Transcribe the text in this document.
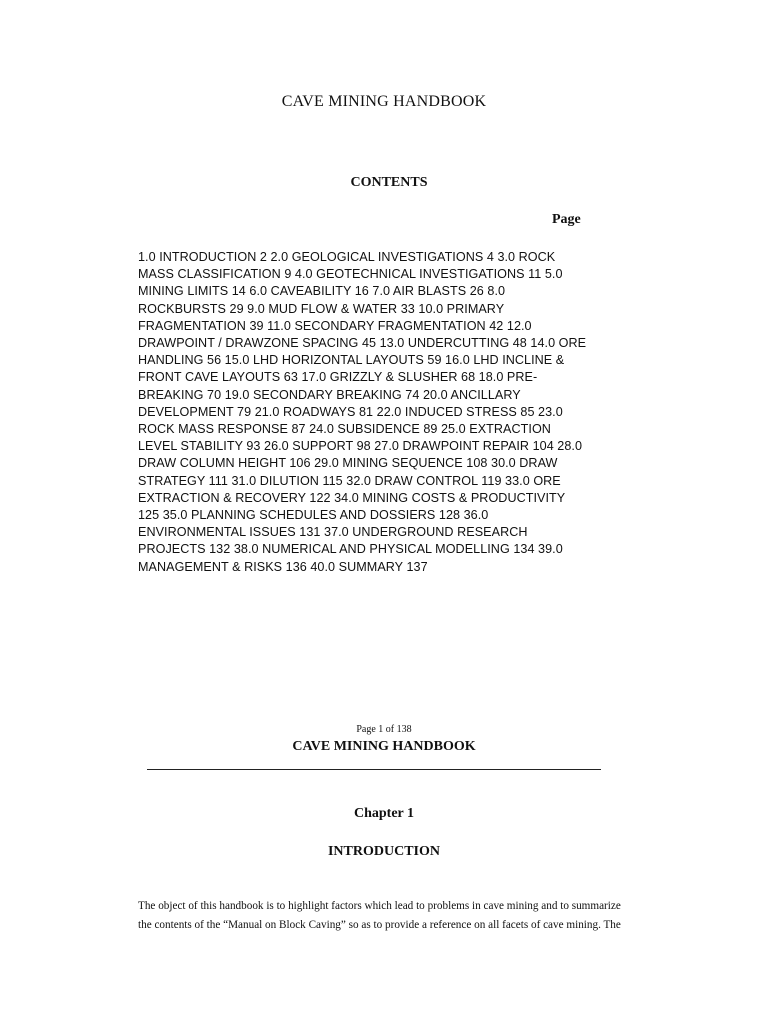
CAVE MINING HANDBOOK
CONTENTS
Page
1.0 INTRODUCTION 2 2.0 GEOLOGICAL INVESTIGATIONS 4 3.0 ROCK MASS CLASSIFICATION 9 4.0 GEOTECHNICAL INVESTIGATIONS 11 5.0 MINING LIMITS 14 6.0 CAVEABILITY 16 7.0 AIR BLASTS 26 8.0 ROCKBURSTS 29 9.0 MUD FLOW & WATER 33 10.0 PRIMARY FRAGMENTATION 39 11.0 SECONDARY FRAGMENTATION 42 12.0 DRAWPOINT / DRAWZONE SPACING 45 13.0 UNDERCUTTING 48 14.0 ORE HANDLING 56 15.0 LHD HORIZONTAL LAYOUTS 59 16.0 LHD INCLINE & FRONT CAVE LAYOUTS 63 17.0 GRIZZLY & SLUSHER 68 18.0 PRE-BREAKING 70 19.0 SECONDARY BREAKING 74 20.0 ANCILLARY DEVELOPMENT 79 21.0 ROADWAYS 81 22.0 INDUCED STRESS 85 23.0 ROCK MASS RESPONSE 87 24.0 SUBSIDENCE 89 25.0 EXTRACTION LEVEL STABILITY 93 26.0 SUPPORT 98 27.0 DRAWPOINT REPAIR 104 28.0 DRAW COLUMN HEIGHT 106 29.0 MINING SEQUENCE 108 30.0 DRAW STRATEGY 111 31.0 DILUTION 115 32.0 DRAW CONTROL 119 33.0 ORE EXTRACTION & RECOVERY 122 34.0 MINING COSTS & PRODUCTIVITY 125 35.0 PLANNING SCHEDULES AND DOSSIERS 128 36.0 ENVIRONMENTAL ISSUES 131 37.0 UNDERGROUND RESEARCH PROJECTS 132 38.0 NUMERICAL AND PHYSICAL MODELLING 134 39.0 MANAGEMENT & RISKS 136 40.0 SUMMARY 137
Page 1 of 138
CAVE MINING HANDBOOK
Chapter 1
INTRODUCTION
The object of this handbook is to highlight factors which lead to problems in cave mining and to summarize
the contents of the “Manual on Block Caving” so as to provide a reference on all facets of cave mining. The
